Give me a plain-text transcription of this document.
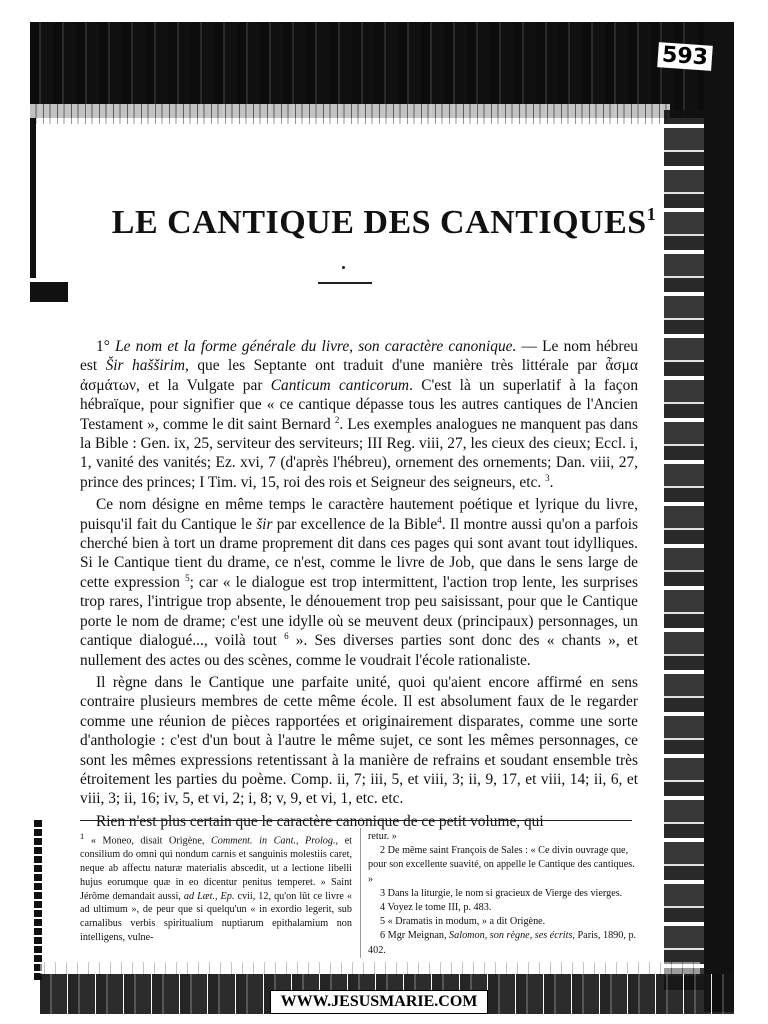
593
LE CANTIQUE DES CANTIQUES$^1$

1° Le nom et la forme générale du livre, son caractère canonique. — Le nom hébreu est Šir hašširim, que les Septante ont traduit d'une manière très littérale par ἆσμα ἀσμάτων, et la Vulgate par Canticum canticorum. C'est là un superlatif à la façon hébraïque, pour signifier que « ce cantique dépasse tous les autres cantiques de l'Ancien Testament », comme le dit saint Bernard $^2$. Les exemples analogues ne manquent pas dans la Bible : Gen. ix, 25, serviteur des serviteurs; III Reg. viii, 27, les cieux des cieux; Eccl. i, 1, vanité des vanités; Ez. xvi, 7 (d'après l'hébreu), ornement des ornements; Dan. viii, 27, prince des princes; I Tim. vi, 15, roi des rois et Seigneur des seigneurs, etc. $^3$.

Ce nom désigne en même temps le caractère hautement poétique et lyrique du livre, puisqu'il fait du Cantique le šir par excellence de la Bible$^4$. Il montre aussi qu'on a parfois cherché bien à tort un drame proprement dit dans ces pages qui sont avant tout idylliques. Si le Cantique tient du drame, ce n'est, comme le livre de Job, que dans le sens large de cette expression $^5$; car « le dialogue est trop intermittent, l'action trop lente, les surprises trop rares, l'intrigue trop absente, le dénouement trop peu saisissant, pour que le Cantique porte le nom de drame; c'est une idylle où se meuvent deux (principaux) personnages, un cantique dialogué..., voilà tout $^6$ ». Ses diverses parties sont donc des « chants », et nullement des actes ou des scènes, comme le voudrait l'école rationaliste.

Il règne dans le Cantique une parfaite unité, quoi qu'aient encore affirmé en sens contraire plusieurs membres de cette même école. Il est absolument faux de le regarder comme une réunion de pièces rapportées et originairement disparates, comme une sorte d'anthologie : c'est d'un bout à l'autre le même sujet, ce sont les mêmes personnages, ce sont les mêmes expressions retentissant à la manière de refrains et soudant ensemble très étroitement les parties du poème. Comp. ii, 7; iii, 5, et viii, 3; ii, 9, 17, et viii, 14; ii, 6, et viii, 3; ii, 16; iv, 5, et vi, 2; i, 8; v, 9, et vi, 1, etc. etc.

Rien n'est plus certain que le caractère canonique de ce petit volume, qui

$^1$ « Moneo, disait Origène, Comment. in Cant., Prolog., et consilium do omni qui nondum carnis et sanguinis molestiis caret, neque ab affectu naturæ materialis abscedit, ut a lectione libelli hujus eorumque quæ in eo dicentur penitus temperet. » Saint Jérôme demandait aussi, ad Læt., Ep. cvii, 12, qu'on lût ce livre « ad ultimum », de peur que si quelqu'un « in exordio legerit, sub carnalibus verbis spiritualium nuptiarum epithalamium non intelligens, vulne-

retur. »

2 De même saint François de Sales : « Ce divin ouvrage que, pour son excellente suavité, on appelle le Cantique des cantiques. »

3 Dans la liturgie, le nom si gracieux de Vierge des vierges.

4 Voyez le tome III, p. 483.

5 « Dramatis in modum, » a dit Origène.

6 Mgr Meignan, Salomon, son règne, ses écrits, Paris, 1890, p. 402.

WWW.JESUSMARIE.COM
